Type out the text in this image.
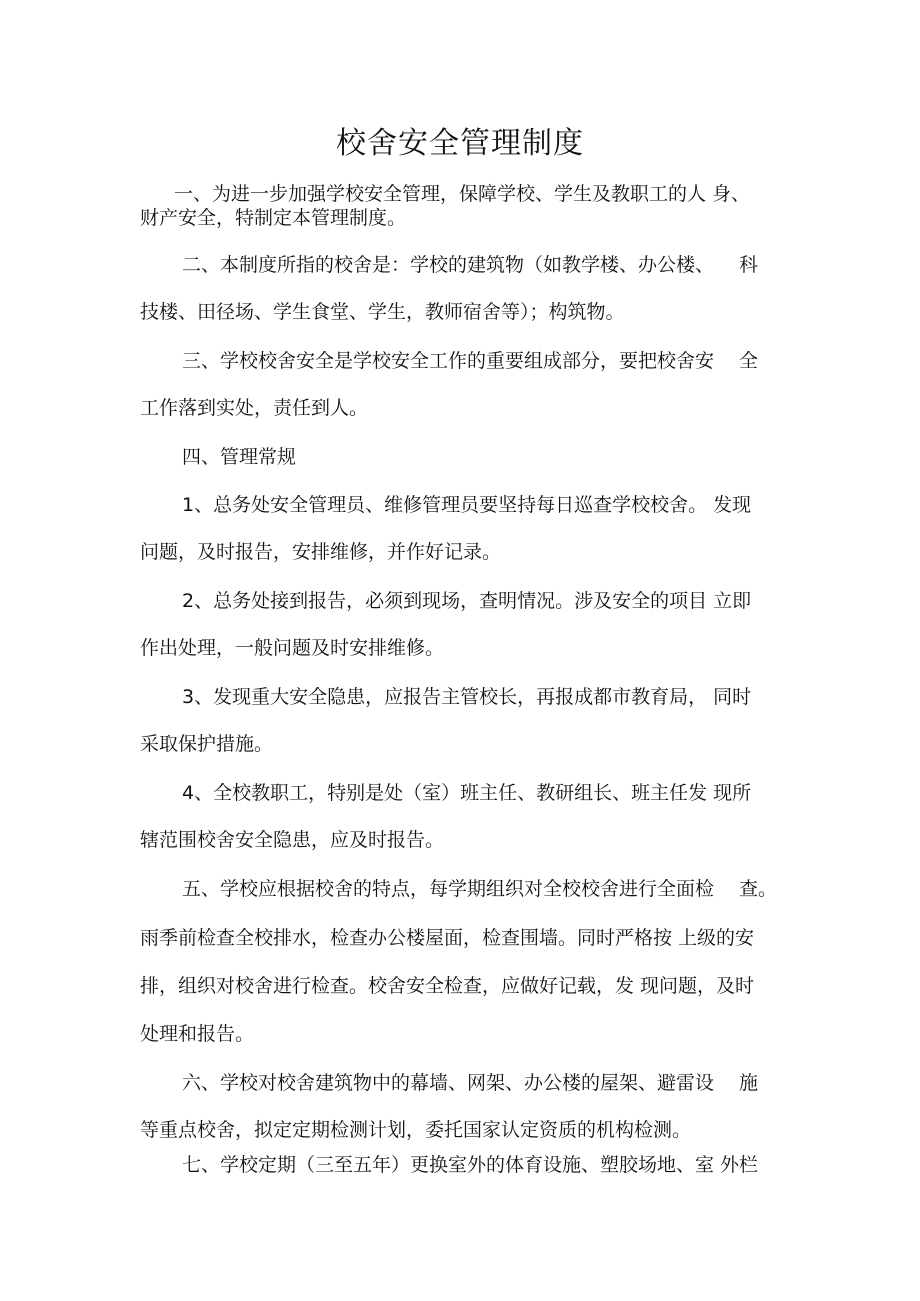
校舍安全管理制度
一、为进一步加强学校安全管理，保障学校、学生及教职工的人 身、
财产安全，特制定本管理制度。
二、本制度所指的校舍是：学校的建筑物（如教学楼、办公楼、 　科
技楼、田径场、学生食堂、学生，教师宿舍等）；构筑物。
三、学校校舍安全是学校安全工作的重要组成部分，要把校舍安 　全
工作落到实处，责任到人。
四、管理常规
1、总务处安全管理员、维修管理员要坚持每日巡查学校校舍。 发现
问题，及时报告，安排维修，并作好记录。
2、总务处接到报告，必须到现场，查明情况。涉及安全的项目 立即
作出处理，一般问题及时安排维修。
3、发现重大安全隐患，应报告主管校长，再报成都市教育局， 同时
采取保护措施。
4、全校教职工，特别是处（室）班主任、教研组长、班主任发 现所
辖范围校舍安全隐患，应及时报告。
五、学校应根据校舍的特点，每学期组织对全校校舍进行全面检 　查。
雨季前检查全校排水，检查办公楼屋面，检查围墙。同时严格按 上级的安
排，组织对校舍进行检查。校舍安全检查，应做好记载，发 现问题，及时
处理和报告。
六、学校对校舍建筑物中的幕墙、网架、办公楼的屋架、避雷设 　施
等重点校舍，拟定定期检测计划，委托国家认定资质的机构检测。
七、学校定期（三至五年）更换室外的体育设施、塑胶场地、室 外栏
